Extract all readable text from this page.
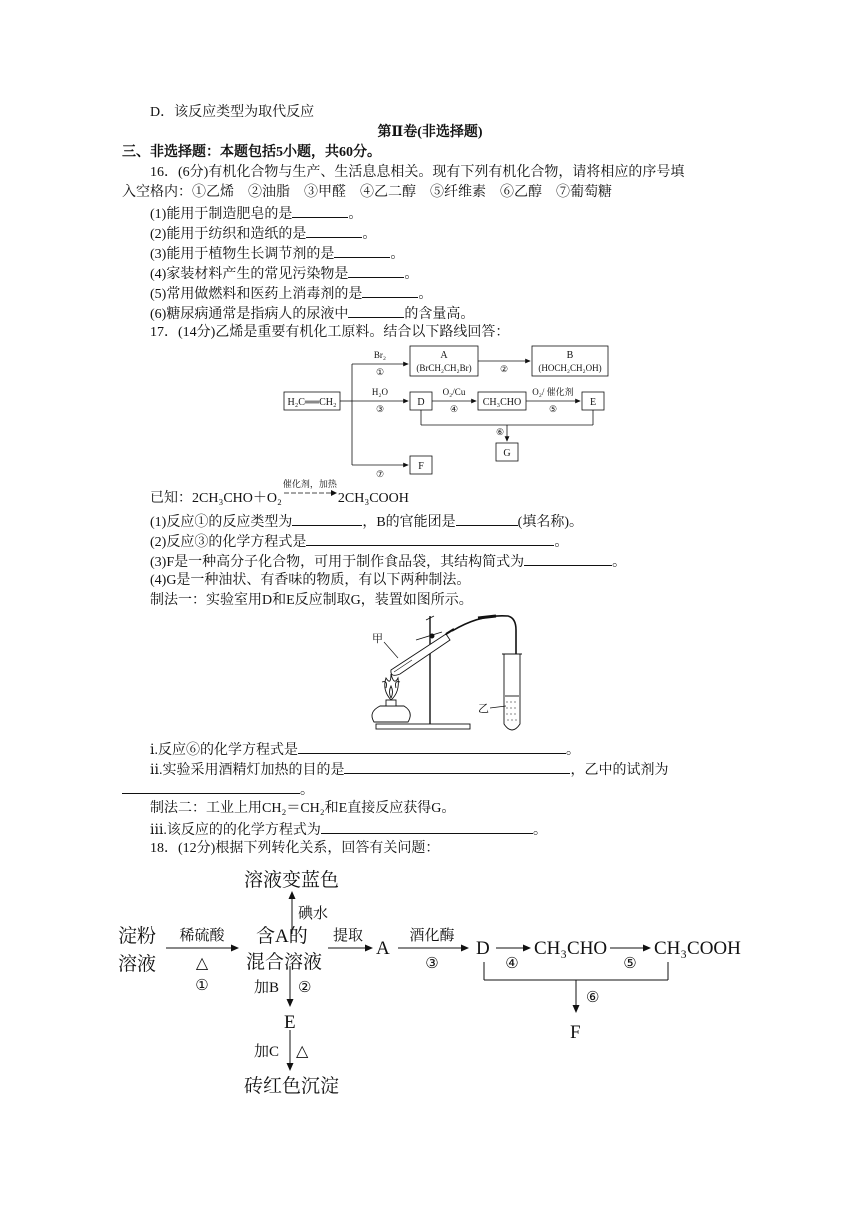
D．该反应类型为取代反应
第Ⅱ卷(非选择题)
三、非选择题：本题包括5小题，共60分。
16．(6分)有机化合物与生产、生活息息相关。现有下列有机化合物，请将相应的序号填
入空格内：①乙烯　②油脂　③甲醛　④乙二醇　⑤纤维素　⑥乙醇　⑦葡萄糖
(1)能用于制造肥皂的是	。
(2)能用于纺织和造纸的是	。
(3)能用于植物生长调节剂的是	。
(4)家装材料产生的常见污染物是	。
(5)常用做燃料和医药上消毒剂的是	。
(6)糖尿病通常是指病人的尿液中	的含量高。
17．(14分)乙烯是重要有机化工原料。结合以下路线回答：
H₂C══CH₂
Br₂
①
A
(BrCH₂CH₂Br)	②
B
(HOCH₂CH₂OH)
H₂O
③
D
O₂/Cu
④
CH₃CHO
O₂/ 催化剂
⑤
E
⑥
G
⑦
F
已知：2CH₃CHO＋O₂
催化剂，加热
2CH₃COOH
(1)反应①的反应类型为	，B的官能团是	(填名称)。
(2)反应③的化学方程式是	。
(3)F是一种高分子化合物，可用于制作食品袋，其结构简式为	。
(4)G是一种油状、有香味的物质，有以下两种制法。
制法一：实验室用D和E反应制取G，装置如图所示。
甲
乙
ⅰ.反应⑥的化学方程式是	。
ⅱ.实验采用酒精灯加热的目的是	，乙中的试剂为
。
制法二：工业上用CH₂＝CH₂和E直接反应获得G。
ⅲ.该反应的的化学方程式为	。
18．(12分)根据下列转化关系，回答有关问题：
溶液变蓝色
碘水
淀粉
溶液
稀硫酸
△
①
含A的
混合溶液
提取
A
酒化酶
③
D
④
CH₃CHO
⑤
CH₃COOH
加B ②
E
加C △
砖红色沉淀
⑥
F
